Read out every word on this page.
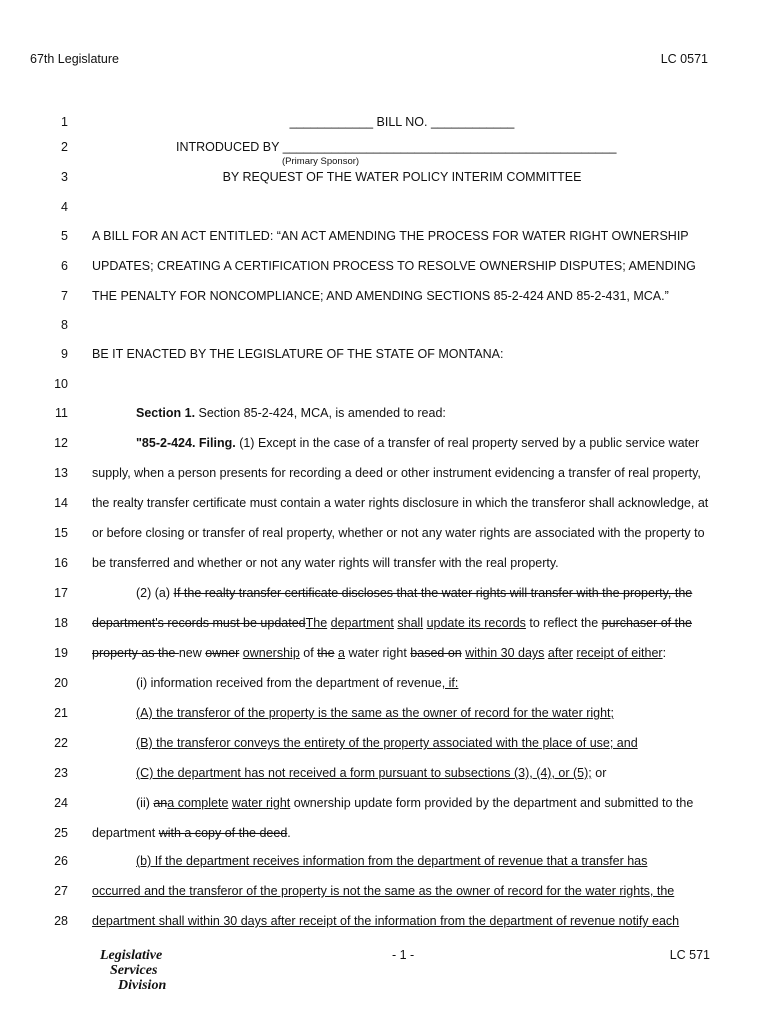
67th Legislature	LC 0571
1
2
3
4
5
6
7
8
9
10
11
12
13
14
15
16
17
18
19
20
21
22
23
24
25
26
27
28
____________ BILL NO. ____________
INTRODUCED BY ________________________________________________
(Primary Sponsor)
BY REQUEST OF THE WATER POLICY INTERIM COMMITTEE
A BILL FOR AN ACT ENTITLED: “AN ACT AMENDING THE PROCESS FOR WATER RIGHT OWNERSHIP
UPDATES; CREATING A CERTIFICATION PROCESS TO RESOLVE OWNERSHIP DISPUTES; AMENDING
THE PENALTY FOR NONCOMPLIANCE; AND AMENDING SECTIONS 85-2-424 AND 85-2-431, MCA.”
BE IT ENACTED BY THE LEGISLATURE OF THE STATE OF MONTANA:
Section 1. Section 85-2-424, MCA, is amended to read:
"85-2-424. Filing. (1) Except in the case of a transfer of real property served by a public service water
supply, when a person presents for recording a deed or other instrument evidencing a transfer of real property,
the realty transfer certificate must contain a water rights disclosure in which the transferor shall acknowledge, at
or before closing or transfer of real property, whether or not any water rights are associated with the property to
be transferred and whether or not any water rights will transfer with the real property.
(2) (a) If the realty transfer certificate discloses that the water rights will transfer with the property, the
department's records must be updatedThe department shall update its records to reflect the purchaser of the
property as the new owner ownership of the a water right based on within 30 days after receipt of either:
(i) information received from the department of revenue, if:
(A) the transferor of the property is the same as the owner of record for the water right;
(B) the transferor conveys the entirety of the property associated with the place of use; and
(C) the department has not received a form pursuant to subsections (3), (4), or (5); or
(ii) ana complete water right ownership update form provided by the department and submitted to the
department with a copy of the deed.
(b) If the department receives information from the department of revenue that a transfer has
occurred and the transferor of the property is not the same as the owner of record for the water rights, the
department shall within 30 days after receipt of the information from the department of revenue notify each
Legislative
Services
Division
- 1 -	LC 571
